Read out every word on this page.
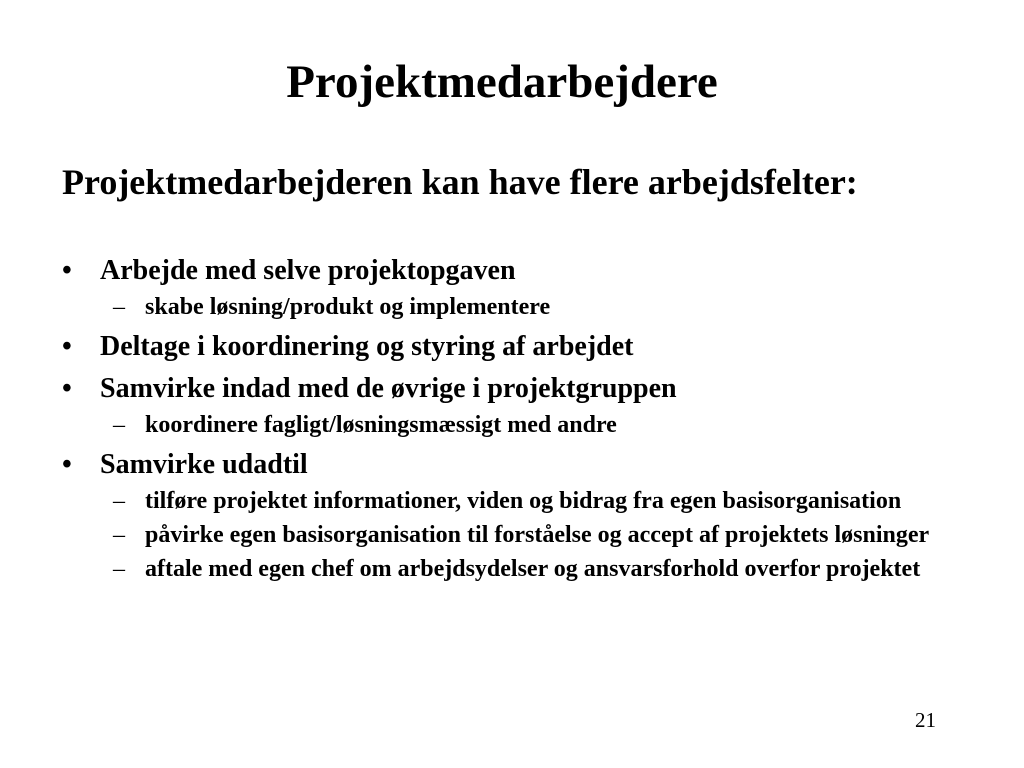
Projektmedarbejdere
Projektmedarbejderen kan have flere arbejdsfelter:
• Arbejde med selve projektopgaven
– skabe løsning/produkt og implementere
• Deltage i koordinering og styring af arbejdet
• Samvirke indad med de øvrige i projektgruppen
– koordinere fagligt/løsningsmæssigt med andre
• Samvirke udadtil
– tilføre projektet informationer, viden og bidrag fra egen basisorganisation
– påvirke egen basisorganisation til forståelse og accept af projektets løsninger
– aftale med egen chef om arbejdsydelser og ansvarsforhold overfor projektet
21
